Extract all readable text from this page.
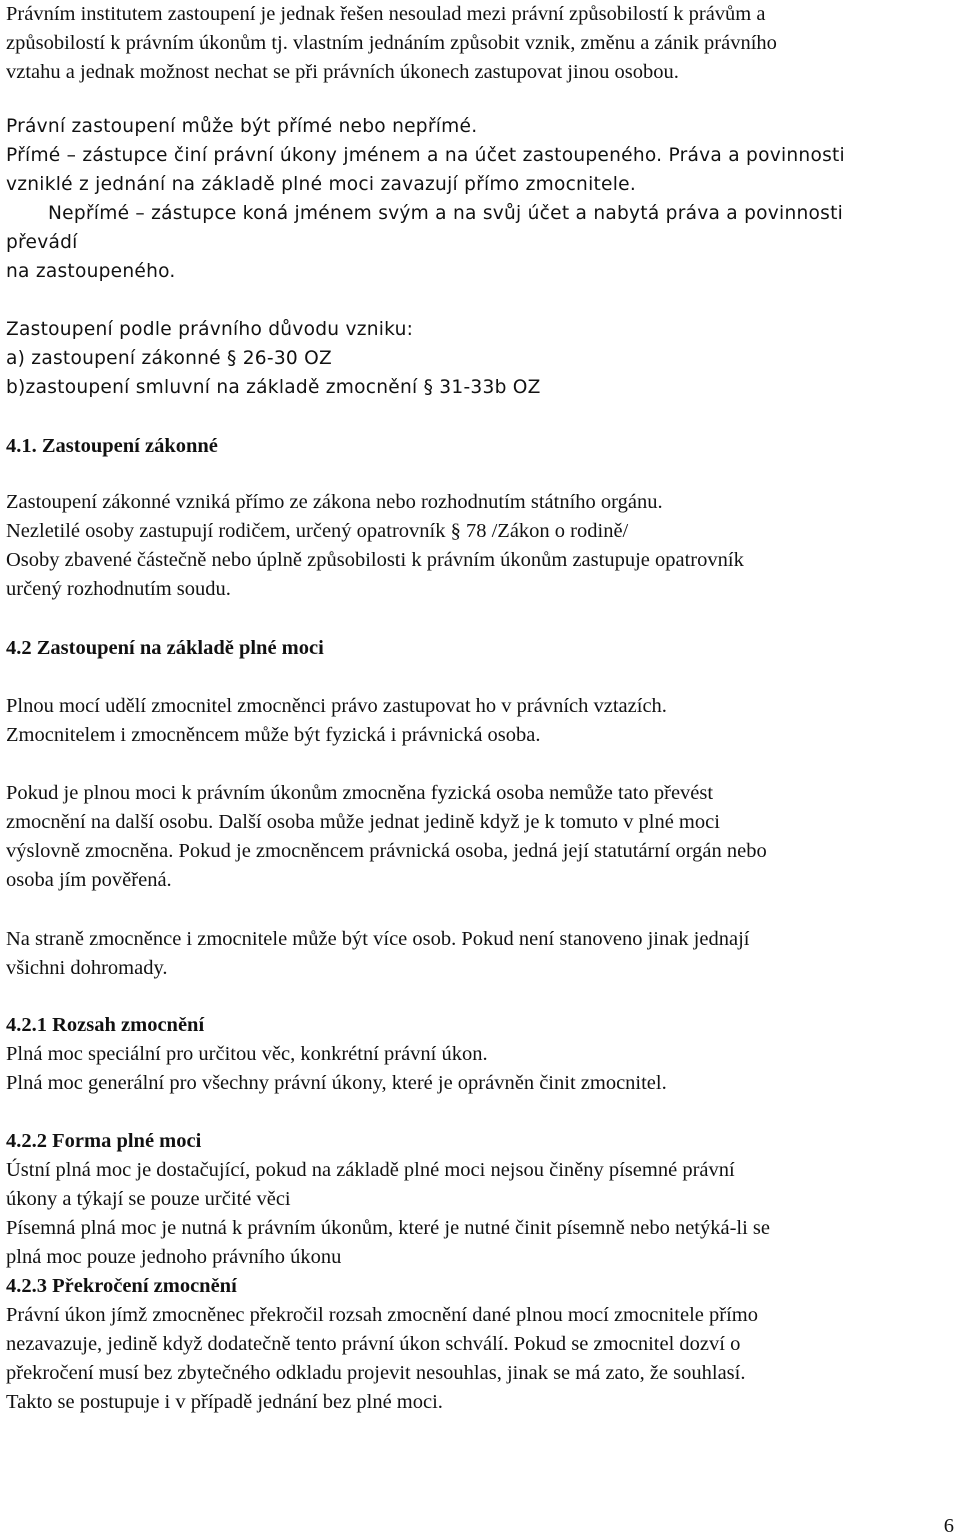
Právním institutem zastoupení je jednak řešen nesoulad mezi právní způsobilostí k právům a
způsobilostí k právním úkonům tj. vlastním jednáním způsobit vznik, změnu a zánik právního
vztahu a jednak možnost nechat se při právních úkonech zastupovat jinou osobou.
Právní zastoupení může být přímé nebo nepřímé.
Přímé – zástupce činí právní úkony jménem a na účet zastoupeného. Práva a povinnosti
vzniklé z jednání na základě plné moci zavazují přímo zmocnitele.
Nepřímé – zástupce koná jménem svým a na svůj účet a nabytá práva a povinnosti
převádí
na zastoupeného.
Zastoupení podle právního důvodu vzniku:
a) zastoupení zákonné § 26-30 OZ
b)zastoupení smluvní na základě zmocnění § 31-33b OZ
4.1. Zastoupení zákonné
Zastoupení zákonné vzniká přímo ze zákona nebo rozhodnutím státního orgánu.
Nezletilé osoby zastupují rodičem, určený opatrovník § 78 /Zákon o rodině/
Osoby zbavené částečně nebo úplně způsobilosti k právním úkonům zastupuje opatrovník
určený rozhodnutím soudu.
4.2 Zastoupení na základě plné moci
Plnou mocí udělí zmocnitel zmocněnci právo zastupovat ho v právních vztazích.
Zmocnitelem i zmocněncem může být fyzická i právnická osoba.
Pokud je plnou moci k právním úkonům zmocněna fyzická osoba nemůže tato převést
zmocnění na další osobu. Další osoba může jednat jedině když je k tomuto v plné moci
výslovně zmocněna. Pokud je zmocněncem právnická osoba, jedná její statutární orgán nebo
osoba jím pověřená.
Na straně zmocněnce i zmocnitele může být více osob. Pokud není stanoveno jinak jednají
všichni dohromady.
4.2.1 Rozsah zmocnění
Plná moc speciální pro určitou věc, konkrétní právní úkon.
Plná moc generální pro všechny právní úkony, které je oprávněn činit zmocnitel.
4.2.2 Forma plné moci
Ústní plná moc je dostačující, pokud na základě plné moci nejsou činěny písemné právní
úkony a týkají se pouze určité věci
Písemná plná moc je nutná k právním úkonům, které je nutné činit písemně nebo netýká-li se
plná moc pouze jednoho právního úkonu
4.2.3 Překročení zmocnění
Právní úkon jímž zmocněnec překročil rozsah zmocnění dané plnou mocí zmocnitele přímo
nezavazuje, jedině když dodatečně tento právní úkon schválí. Pokud se zmocnitel dozví o
překročení musí bez zbytečného odkladu projevit nesouhlas, jinak se má zato, že souhlasí.
Takto se postupuje i v případě jednání bez plné moci.
6
